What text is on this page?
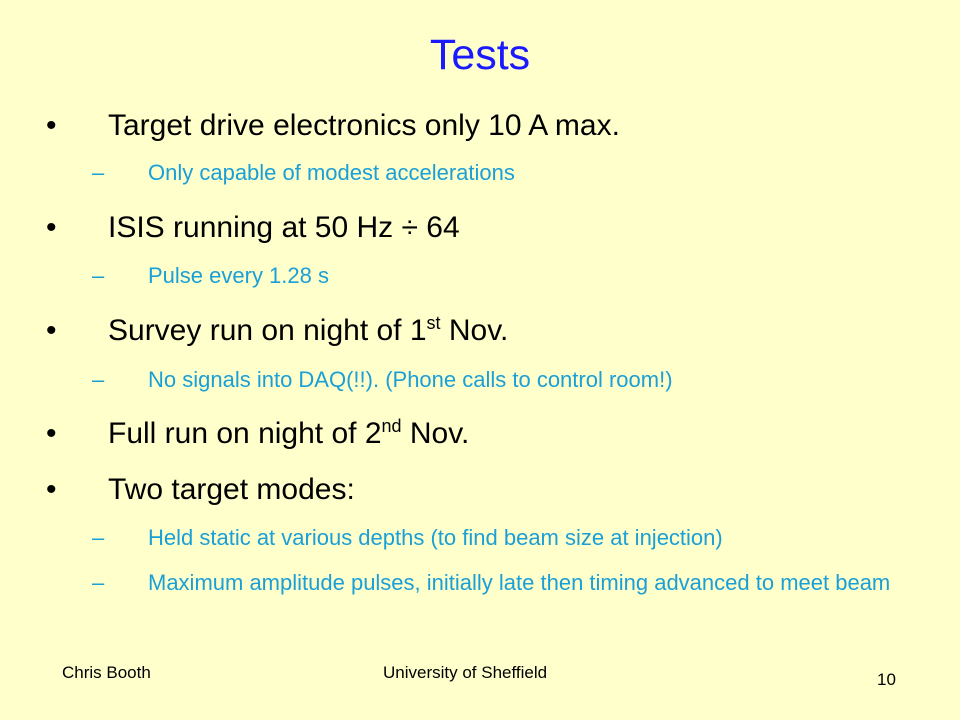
Tests
• Target drive electronics only 10 A max.
– Only capable of modest accelerations
• ISIS running at 50 Hz ÷ 64
– Pulse every 1.28 s
• Survey run on night of 1st Nov.
– No signals into DAQ(!!). (Phone calls to control room!)
• Full run on night of 2nd Nov.
• Two target modes:
– Held static at various depths (to find beam size at injection)
– Maximum amplitude pulses, initially late then timing advanced to meet beam
Chris Booth	University of Sheffield	10
